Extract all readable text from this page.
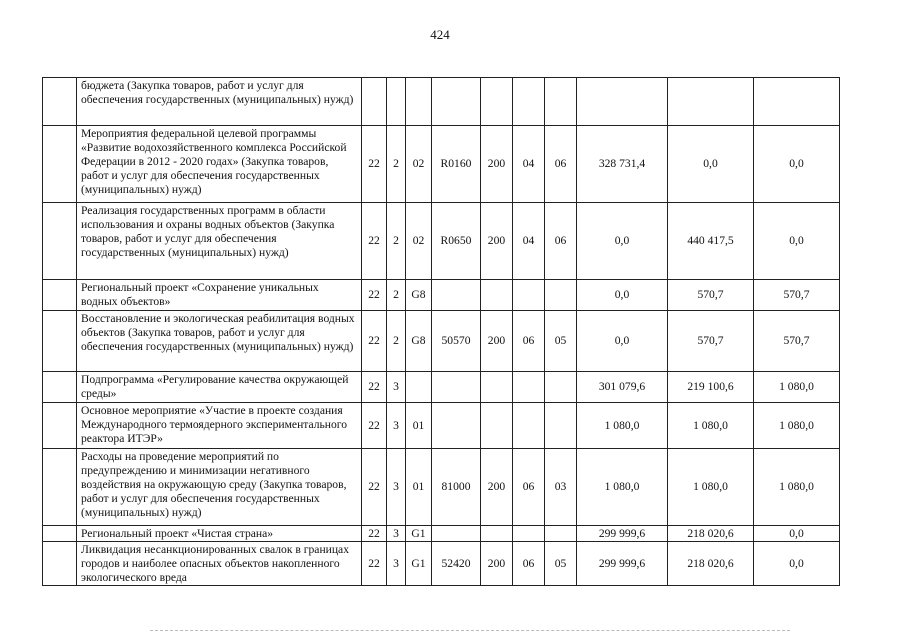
424
	бюджета (Закупка товаров, работ и услуг для обеспечения государственных (муниципальных) нужд)										
	Мероприятия федеральной целевой программы «Развитие водохозяйственного комплекса Российской Федерации в 2012 - 2020 годах» (Закупка товаров, работ и услуг для обеспечения государственных (муниципальных) нужд)	22	2	02	R0160	200	04	06	328 731,4	0,0	0,0
	Реализация государственных программ в области использования и охраны водных объектов (Закупка товаров, работ и услуг для обеспечения государственных (муниципальных) нужд)	22	2	02	R0650	200	04	06	0,0	440 417,5	0,0
	Региональный проект «Сохранение уникальных водных объектов»	22	2	G8					0,0	570,7	570,7
	Восстановление и экологическая реабилитация водных объектов (Закупка товаров, работ и услуг для обеспечения государственных (муниципальных) нужд)	22	2	G8	50570	200	06	05	0,0	570,7	570,7
	Подпрограмма «Регулирование качества окружающей среды»	22	3						301 079,6	219 100,6	1 080,0
	Основное мероприятие «Участие в проекте создания Международного термоядерного экспериментального реактора ИТЭР»	22	3	01					1 080,0	1 080,0	1 080,0
	Расходы на проведение мероприятий по предупреждению и минимизации негативного воздействия на окружающую среду (Закупка товаров, работ и услуг для обеспечения государственных (муниципальных) нужд)	22	3	01	81000	200	06	03	1 080,0	1 080,0	1 080,0
	Региональный проект «Чистая страна»	22	3	G1					299 999,6	218 020,6	0,0
	Ликвидация несанкционированных свалок в границах городов и наиболее опасных объектов накопленного экологического вреда	22	3	G1	52420	200	06	05	299 999,6	218 020,6	0,0
